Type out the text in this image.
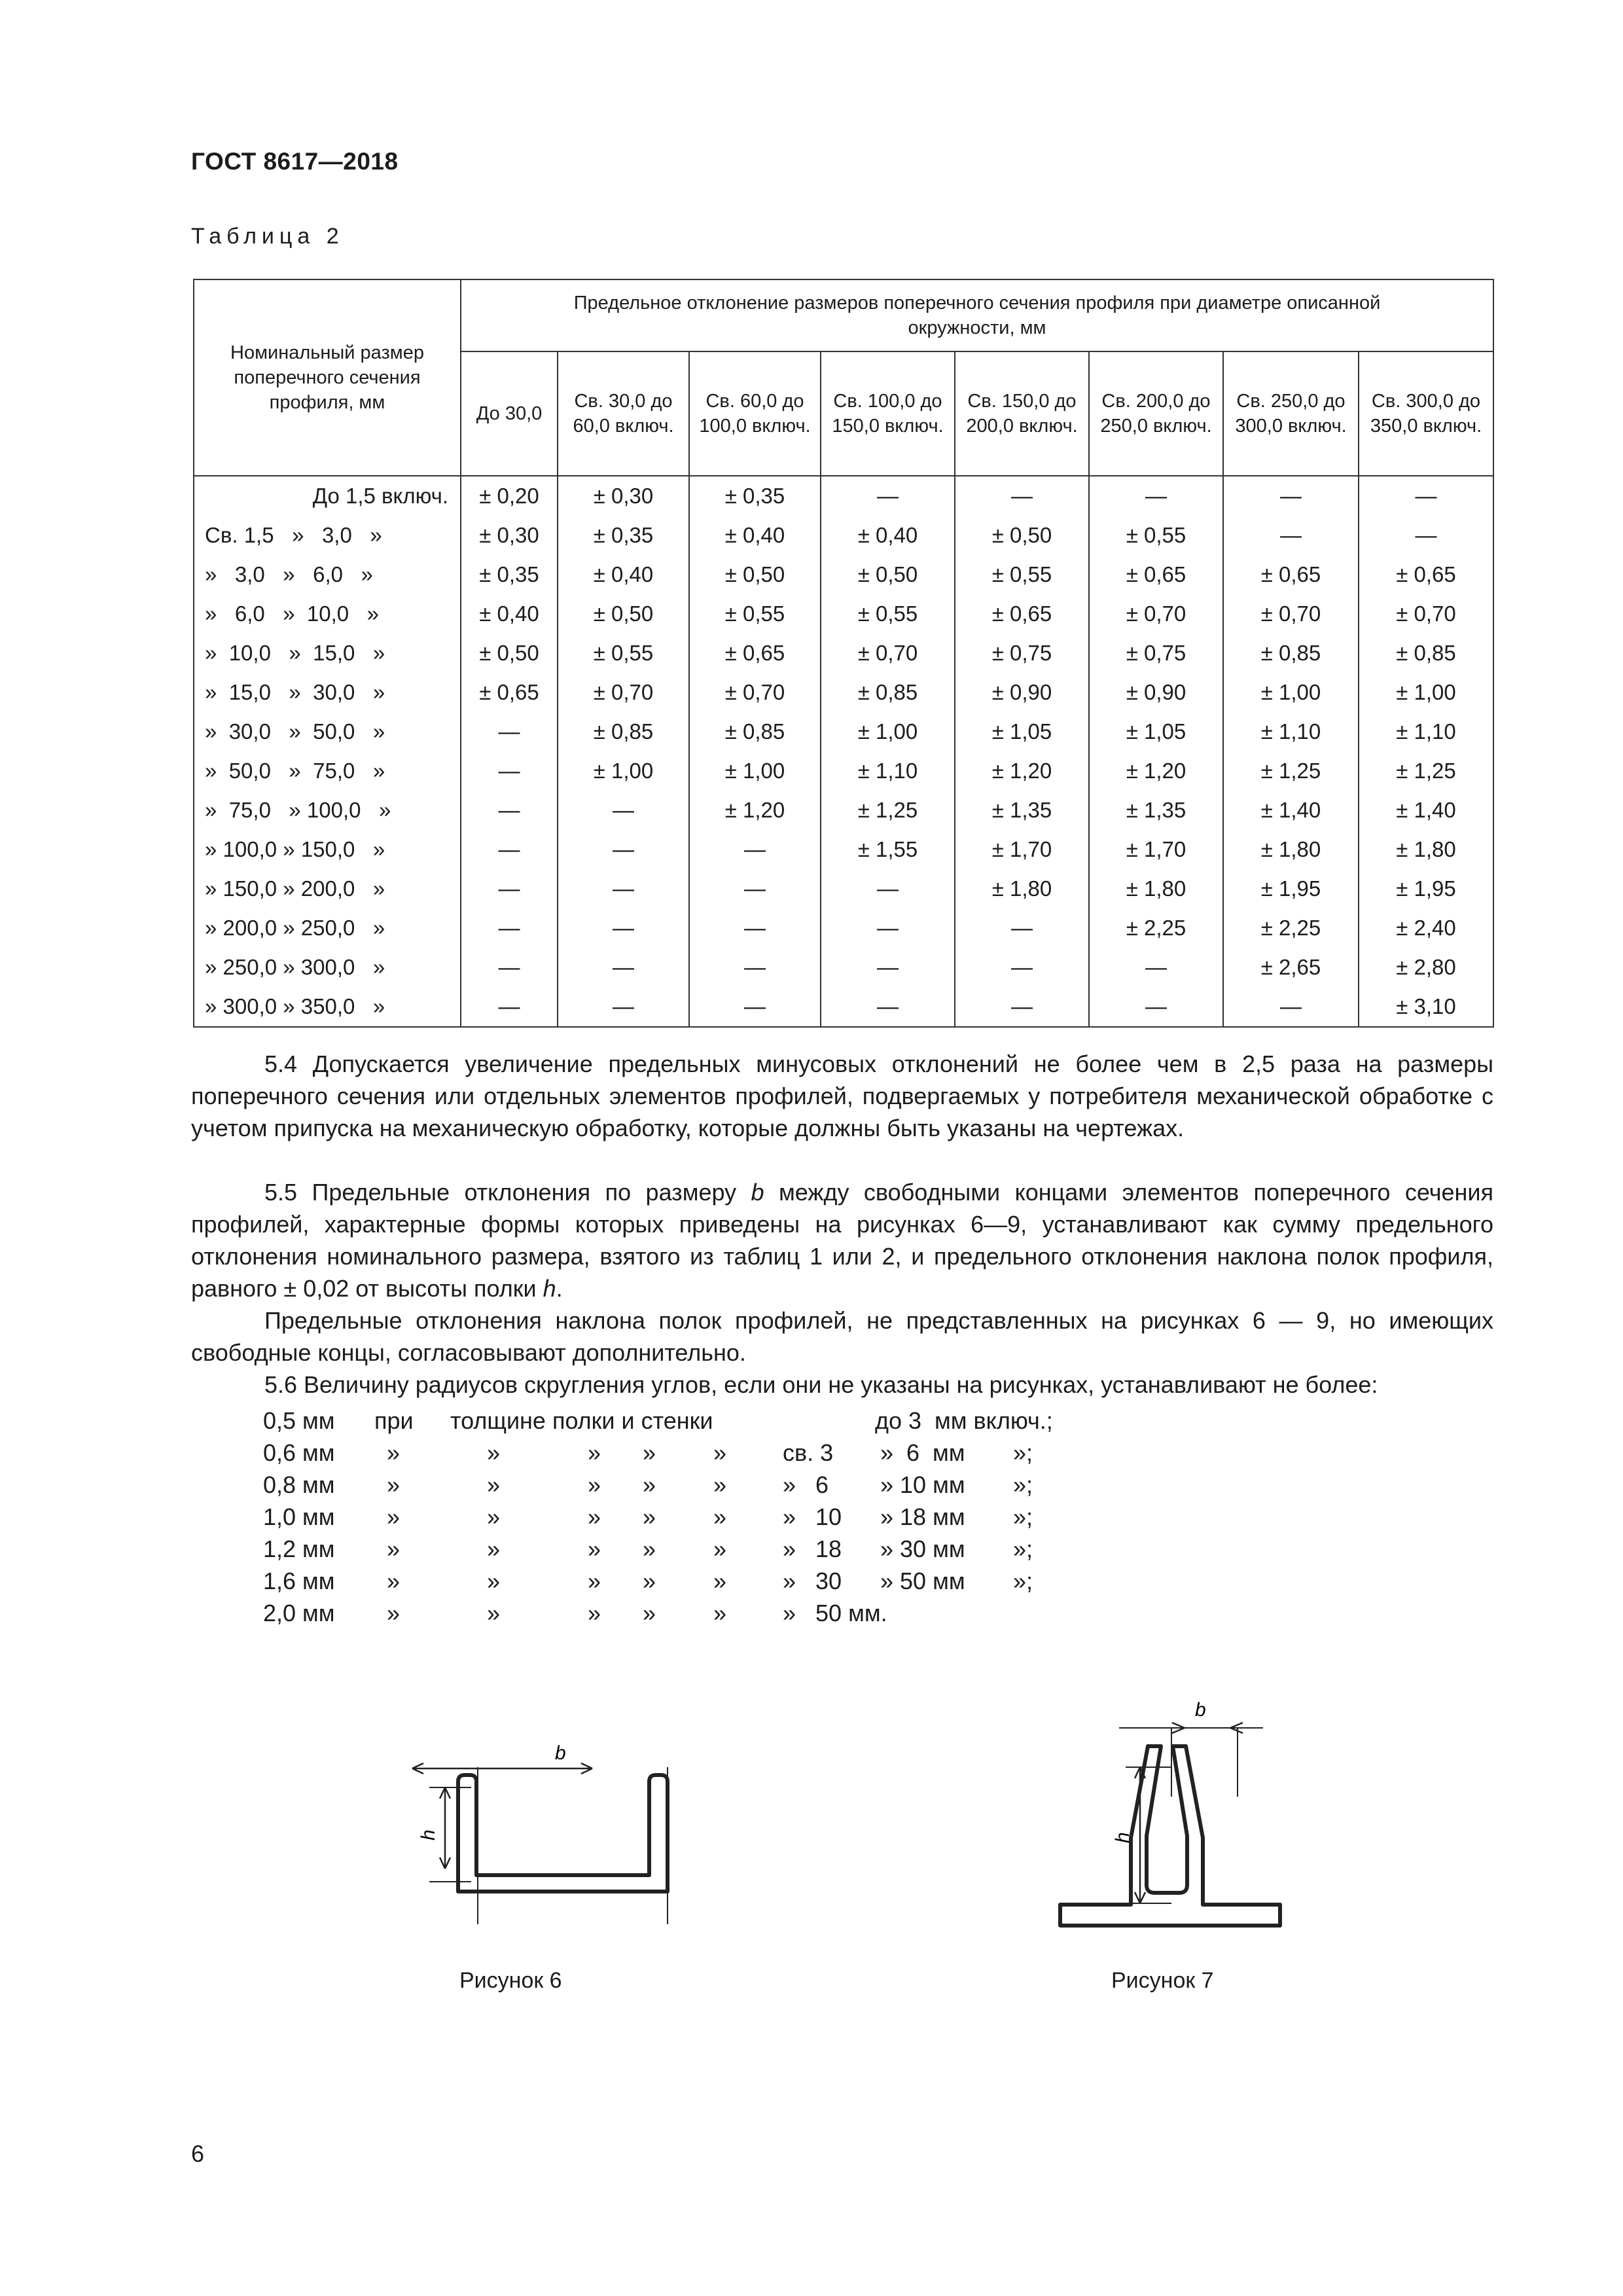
ГОСТ 8617—2018
Таблица 2
Номинальный размер поперечного сечения профиля, мм	Предельное отклонение размеров поперечного сечения профиля при диаметре описанной окружности, мм							
	До 30,0	Св. 30,0 до 60,0 включ.	Св. 60,0 до 100,0 включ.	Св. 100,0 до 150,0 включ.	Св. 150,0 до 200,0 включ.	Св. 200,0 до 250,0 включ.	Св. 250,0 до 300,0 включ.	Св. 300,0 до 350,0 включ.
До 1,5 включ.	± 0,20	± 0,30	± 0,35	—	—	—	—	—
Св. 1,5   »   3,0   »	± 0,30	± 0,35	± 0,40	± 0,40	± 0,50	± 0,55	—	—
»   3,0   »   6,0   »	± 0,35	± 0,40	± 0,50	± 0,50	± 0,55	± 0,65	± 0,65	± 0,65
»   6,0   »  10,0   »	± 0,40	± 0,50	± 0,55	± 0,55	± 0,65	± 0,70	± 0,70	± 0,70
»  10,0   »  15,0   »	± 0,50	± 0,55	± 0,65	± 0,70	± 0,75	± 0,75	± 0,85	± 0,85
»  15,0   »  30,0   »	± 0,65	± 0,70	± 0,70	± 0,85	± 0,90	± 0,90	± 1,00	± 1,00
»  30,0   »  50,0   »	—	± 0,85	± 0,85	± 1,00	± 1,05	± 1,05	± 1,10	± 1,10
»  50,0   »  75,0   »	—	± 1,00	± 1,00	± 1,10	± 1,20	± 1,20	± 1,25	± 1,25
»  75,0   » 100,0   »	—	—	± 1,20	± 1,25	± 1,35	± 1,35	± 1,40	± 1,40
» 100,0 » 150,0   »	—	—	—	± 1,55	± 1,70	± 1,70	± 1,80	± 1,80
» 150,0 » 200,0   »	—	—	—	—	± 1,80	± 1,80	± 1,95	± 1,95
» 200,0 » 250,0   »	—	—	—	—	—	± 2,25	± 2,25	± 2,40
» 250,0 » 300,0   »	—	—	—	—	—	—	± 2,65	± 2,80
» 300,0 » 350,0   »	—	—	—	—	—	—	—	± 3,10

5.4 Допускается увеличение предельных минусовых отклонений не более чем в 2,5 раза на размеры поперечного сечения или отдельных элементов профилей, подвергаемых у потребителя механической обработке с учетом припуска на механическую обработку, которые должны быть указаны на чертежах.

5.5 Предельные отклонения по размеру b между свободными концами элементов поперечного сечения профилей, характерные формы которых приведены на рисунках 6—9, устанавливают как сумму предельного отклонения номинального размера, взятого из таблиц 1 или 2, и предельного отклонения наклона полок профиля, равного ± 0,02 от высоты полки h.

Предельные отклонения наклона полок профилей, не представленных на рисунках 6 — 9, но имеющих свободные концы, согласовывают дополнительно.

5.6 Величину радиусов скругления углов, если они не указаны на рисунках, устанавливают не более:

0,5 мм при толщине полки и стенки	до 3  мм включ.;
0,6 мм »	»	» » » св. 3 »  6  мм »;
0,8 мм »	»	» » » »   6 » 10 мм »;
1,0 мм »	»	» » » »   10 » 18 мм »;
1,2 мм »	»	» » » »   18 » 30 мм »;
1,6 мм »	»	» » » »   30 » 50 мм »;
2,0 мм »	»	» » » »   50 мм.
b
h
Рисунок 6
b
h
Рисунок 7
6
